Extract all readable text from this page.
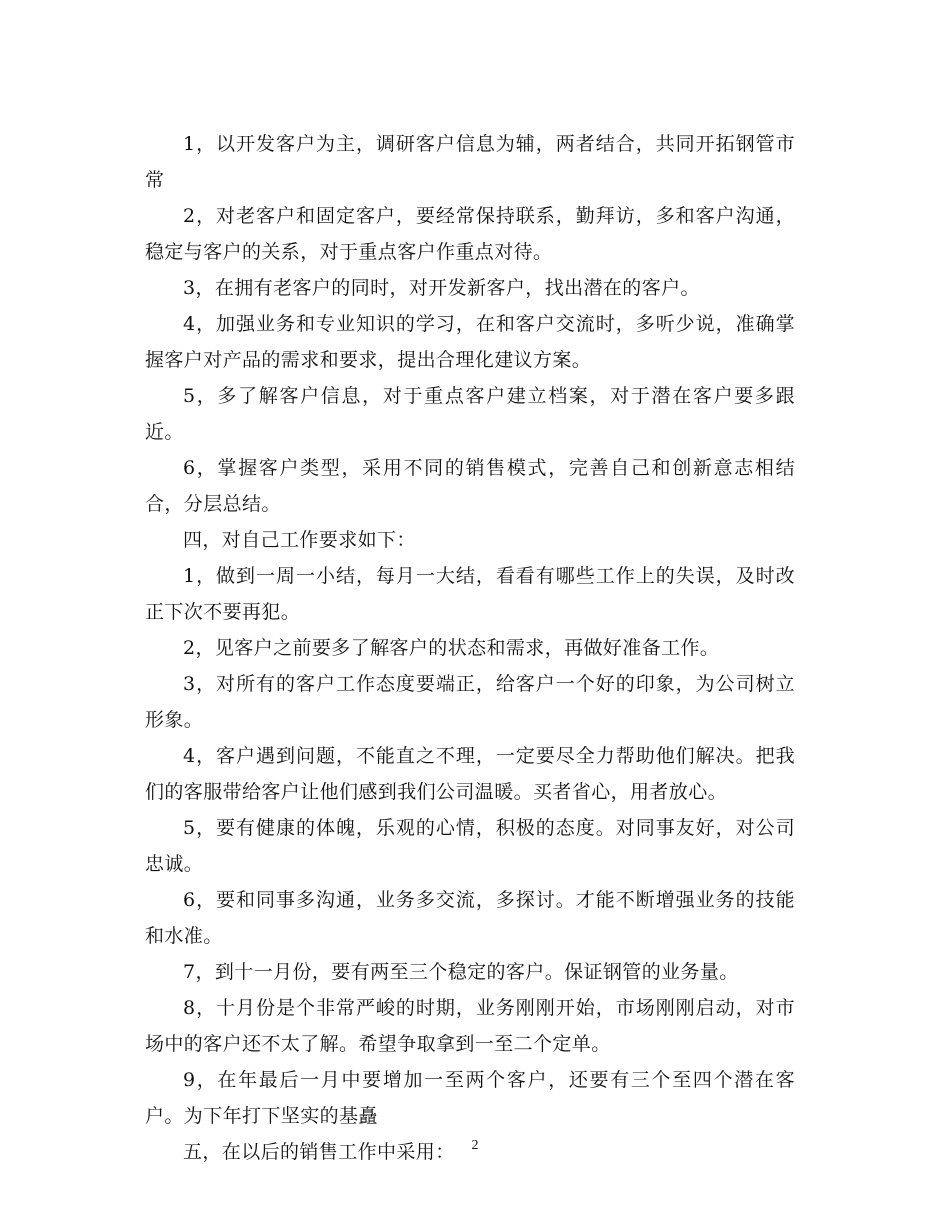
1，以开发客户为主，调研客户信息为辅，两者结合，共同开拓钢管市常

2，对老客户和固定客户，要经常保持联系，勤拜访，多和客户沟通，稳定与客户的关系，对于重点客户作重点对待。

3，在拥有老客户的同时，对开发新客户，找出潜在的客户。

4，加强业务和专业知识的学习，在和客户交流时，多听少说，准确掌握客户对产品的需求和要求，提出合理化建议方案。

5，多了解客户信息，对于重点客户建立档案，对于潜在客户要多跟近。

6，掌握客户类型，采用不同的销售模式，完善自己和创新意志相结合，分层总结。

四，对自己工作要求如下：

1，做到一周一小结，每月一大结，看看有哪些工作上的失误，及时改正下次不要再犯。

2，见客户之前要多了解客户的状态和需求，再做好准备工作。

3，对所有的客户工作态度要端正，给客户一个好的印象，为公司树立形象。

4，客户遇到问题，不能直之不理，一定要尽全力帮助他们解决。把我们的客服带给客户让他们感到我们公司温暖。买者省心，用者放心。

5，要有健康的体魄，乐观的心情，积极的态度。对同事友好，对公司忠诚。

6，要和同事多沟通，业务多交流，多探讨。才能不断增强业务的技能和水准。

7，到十一月份，要有两至三个稳定的客户。保证钢管的业务量。

8，十月份是个非常严峻的时期，业务刚刚开始，市场刚刚启动，对市场中的客户还不太了解。希望争取拿到一至二个定单。

9，在年最后一月中要增加一至两个客户，还要有三个至四个潜在客户。为下年打下坚实的基矗

五，在以后的销售工作中采用：	2
